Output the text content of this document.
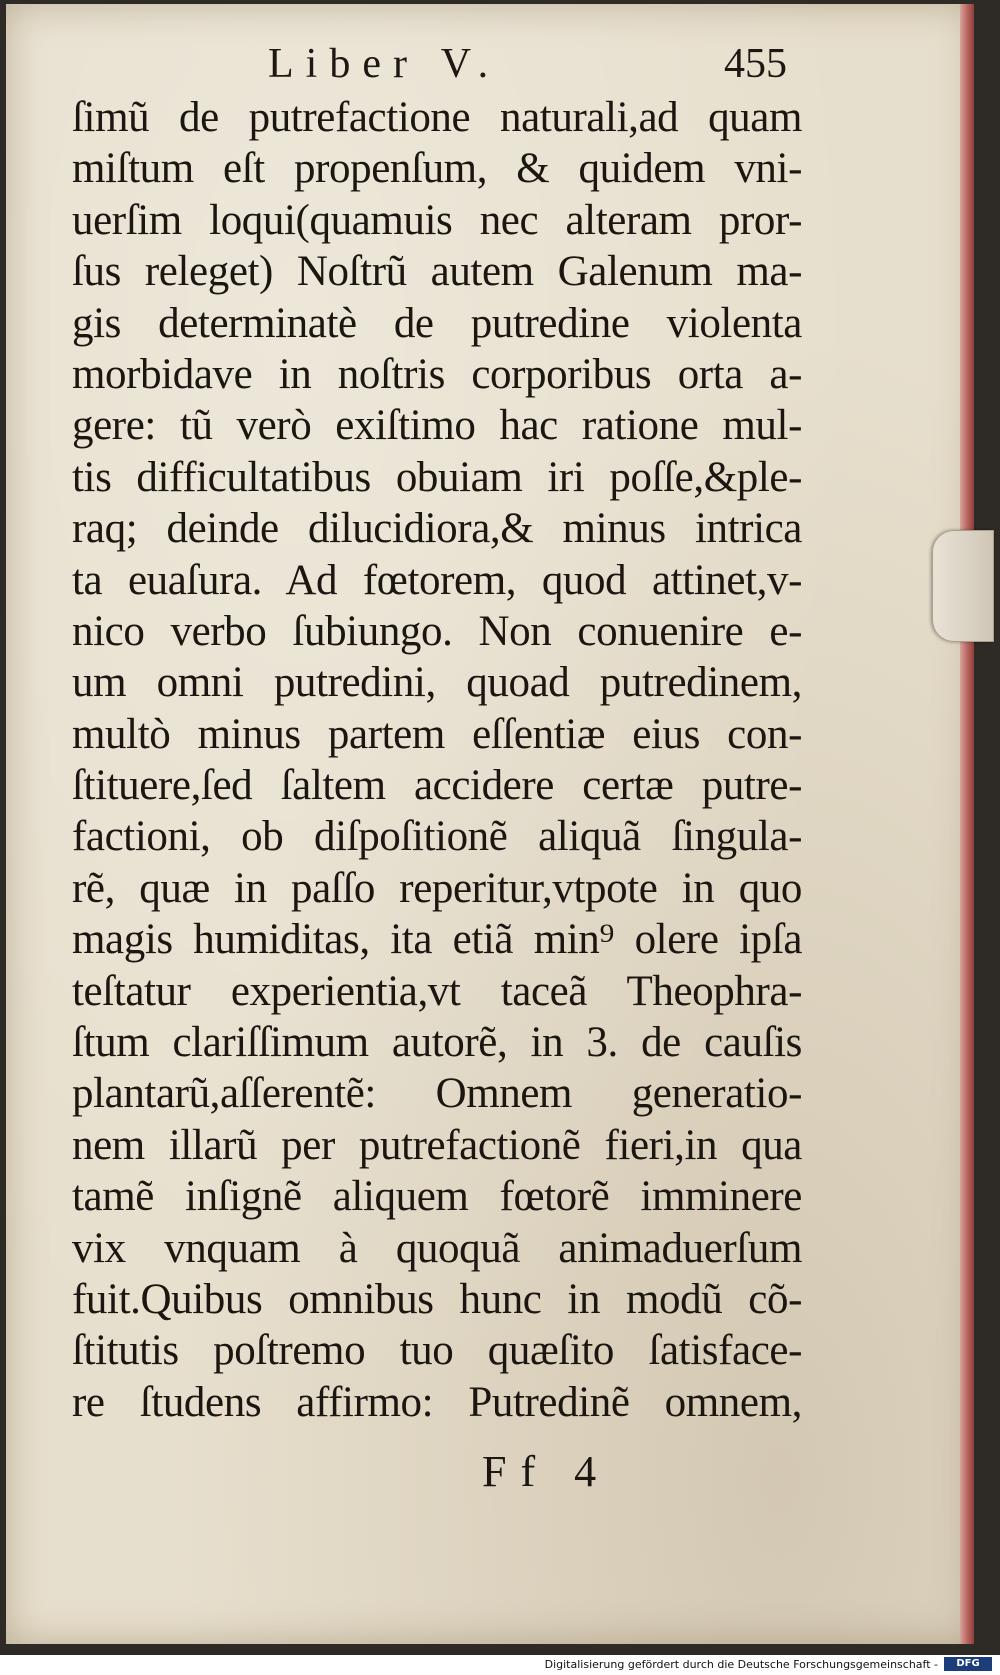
Liber V.	455
ſimũ de putrefactione naturali,ad quam
miſtum eſt propenſum, & quidem vni-
uerſim loqui(quamuis nec alteram pror-
ſus releget) Noſtrũ autem Galenum ma-
gis determinatè de putredine violenta
morbidave in noſtris corporibus orta a-
gere: tũ verò exiſtimo hac ratione mul-
tis difficultatibus obuiam iri poſſe,&ple-
raq; deinde dilucidiora,& minus intrica
ta euaſura. Ad fœtorem, quod attinet,v-
nico verbo ſubiungo. Non conuenire e-
um omni putredini, quoad putredinem,
multò minus partem eſſentiæ eius con-
ſtituere,ſed ſaltem accidere certæ putre-
factioni, ob diſpoſitionẽ aliquã ſingula-
rẽ, quæ in paſſo reperitur,vtpote in quo
magis humiditas, ita etiã min⁹ olere ipſa
teſtatur experientia,vt taceã Theophra-
ſtum clariſſimum autorẽ, in 3. de cauſis
plantarũ,aſſerentẽ: Omnem generatio-
nem illarũ per putrefactionẽ fieri,in qua
tamẽ inſignẽ aliquem fœtorẽ imminere
vix vnquam à quoquã animaduerſum
fuit.Quibus omnibus hunc in modũ cõ-
ſtitutis poſtremo tuo quæſito ſatisface-
re ſtudens affirmo: Putredinẽ omnem,
Ff 4
Digitalisierung gefördert durch die Deutsche Forschungsgemeinschaft -	DFG
